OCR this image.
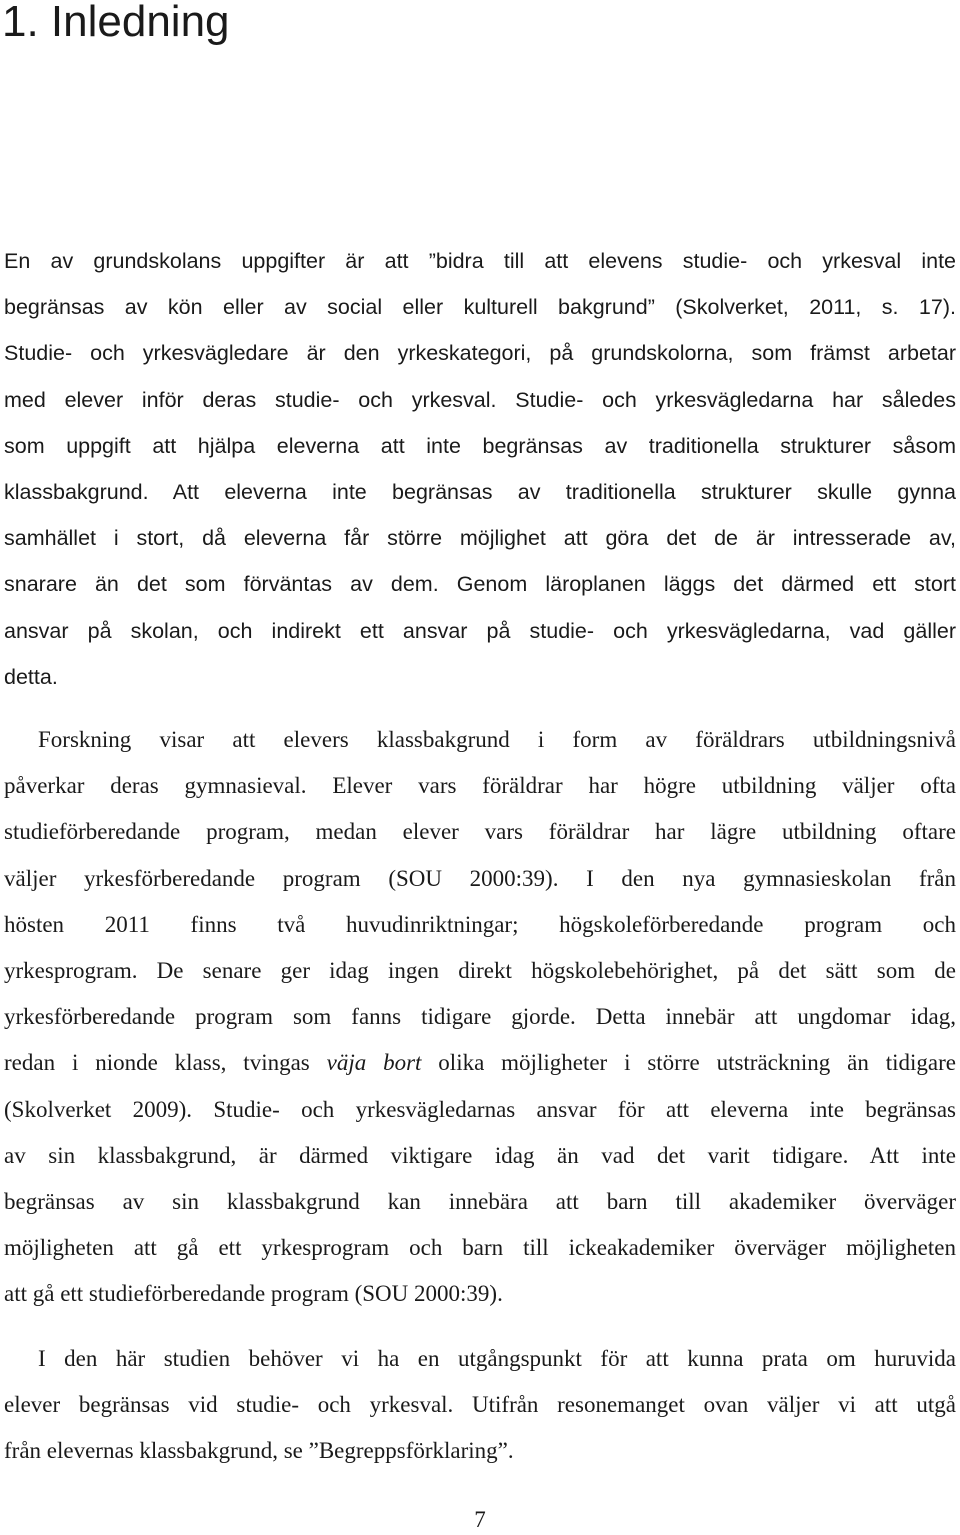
1. Inledning
En av grundskolans uppgifter är att ”bidra till att elevens studie- och yrkesval inte
begränsas av kön eller av social eller kulturell bakgrund” (Skolverket, 2011, s. 17).
Studie- och yrkesvägledare är den yrkeskategori, på grundskolorna, som främst arbetar
med elever inför deras studie- och yrkesval. Studie- och yrkesvägledarna har således
som uppgift att hjälpa eleverna att inte begränsas av traditionella strukturer såsom
klassbakgrund. Att eleverna inte begränsas av traditionella strukturer skulle gynna
samhället i stort, då eleverna får större möjlighet att göra det de är intresserade av,
snarare än det som förväntas av dem. Genom läroplanen läggs det därmed ett stort
ansvar på skolan, och indirekt ett ansvar på studie- och yrkesvägledarna, vad gäller
detta.
Forskning visar att elevers klassbakgrund i form av föräldrars utbildningsnivå
påverkar deras gymnasieval. Elever vars föräldrar har högre utbildning väljer ofta
studieförberedande program, medan elever vars föräldrar har lägre utbildning oftare
väljer yrkesförberedande program (SOU 2000:39). I den nya gymnasieskolan från
hösten 2011 finns två huvudinriktningar; högskoleförberedande program och
yrkesprogram. De senare ger idag ingen direkt högskolebehörighet, på det sätt som de
yrkesförberedande program som fanns tidigare gjorde. Detta innebär att ungdomar idag,
redan i nionde klass, tvingas väja bort olika möjligheter i större utsträckning än tidigare
(Skolverket 2009). Studie- och yrkesvägledarnas ansvar för att eleverna inte begränsas
av sin klassbakgrund, är därmed viktigare idag än vad det varit tidigare. Att inte
begränsas av sin klassbakgrund kan innebära att barn till akademiker överväger
möjligheten att gå ett yrkesprogram och barn till ickeakademiker överväger möjligheten
att gå ett studieförberedande program (SOU 2000:39).
I den här studien behöver vi ha en utgångspunkt för att kunna prata om huruvida
elever begränsas vid studie- och yrkesval. Utifrån resonemanget ovan väljer vi att utgå
från elevernas klassbakgrund, se ”Begreppsförklaring”.
7
